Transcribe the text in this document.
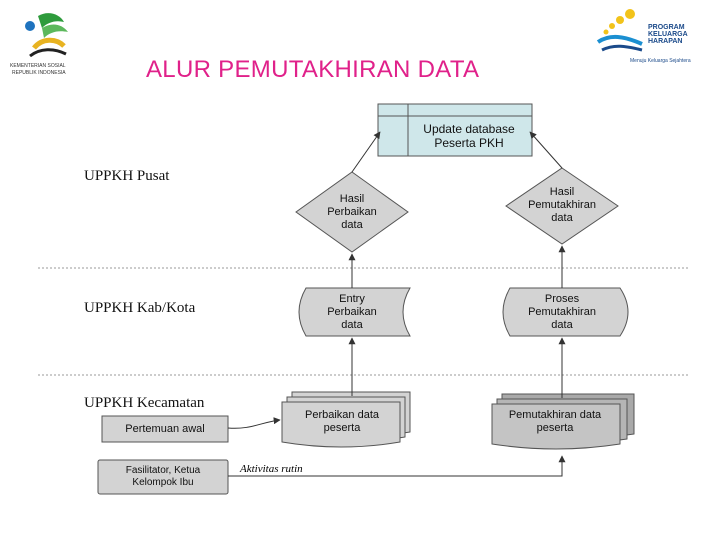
KEMENTERIAN SOSIAL
REPUBLIK INDONESIA
PROGRAM
KELUARGA
HARAPAN
Menuju Keluarga Sejahtera
ALUR PEMUTAKHIRAN DATA
UPPKH Pusat
UPPKH Kab/Kota
UPPKH Kecamatan
Update database Peserta PKH
Hasil Perbaikan data
Hasil Pemutakhiran data
Entry Perbaikan data
Proses Pemutakhiran data
Perbaikan data peserta
Pemutakhiran data peserta
Pertemuan awal
Fasilitator, Ketua Kelompok Ibu
Aktivitas rutin
